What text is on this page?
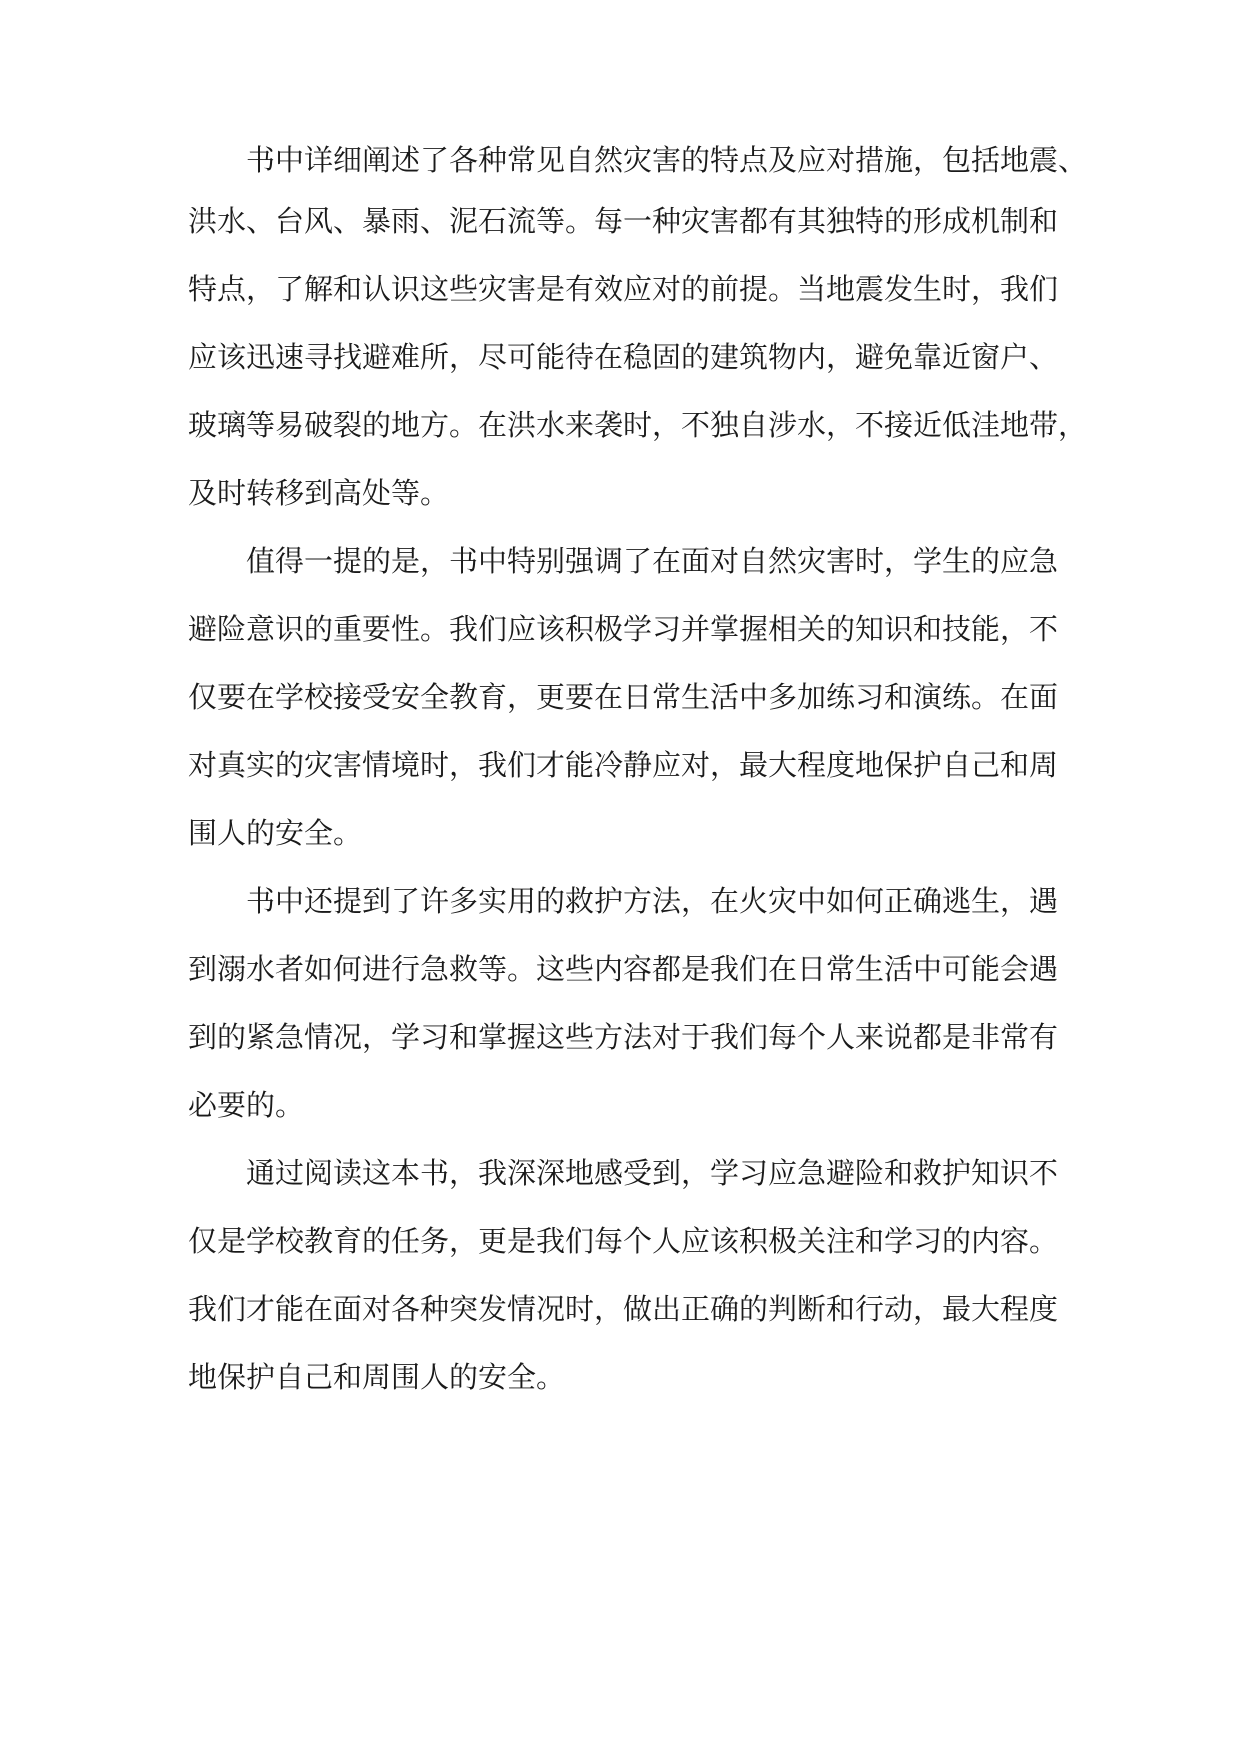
书中详细阐述了各种常见自然灾害的特点及应对措施，包括地震、
洪水、台风、暴雨、泥石流等。每一种灾害都有其独特的形成机制和
特点，了解和认识这些灾害是有效应对的前提。当地震发生时，我们
应该迅速寻找避难所，尽可能待在稳固的建筑物内，避免靠近窗户、
玻璃等易破裂的地方。在洪水来袭时，不独自涉水，不接近低洼地带，
及时转移到高处等。
值得一提的是，书中特别强调了在面对自然灾害时，学生的应急
避险意识的重要性。我们应该积极学习并掌握相关的知识和技能，不
仅要在学校接受安全教育，更要在日常生活中多加练习和演练。在面
对真实的灾害情境时，我们才能冷静应对，最大程度地保护自己和周
围人的安全。
书中还提到了许多实用的救护方法，在火灾中如何正确逃生，遇
到溺水者如何进行急救等。这些内容都是我们在日常生活中可能会遇
到的紧急情况，学习和掌握这些方法对于我们每个人来说都是非常有
必要的。
通过阅读这本书，我深深地感受到，学习应急避险和救护知识不
仅是学校教育的任务，更是我们每个人应该积极关注和学习的内容。
我们才能在面对各种突发情况时，做出正确的判断和行动，最大程度
地保护自己和周围人的安全。
